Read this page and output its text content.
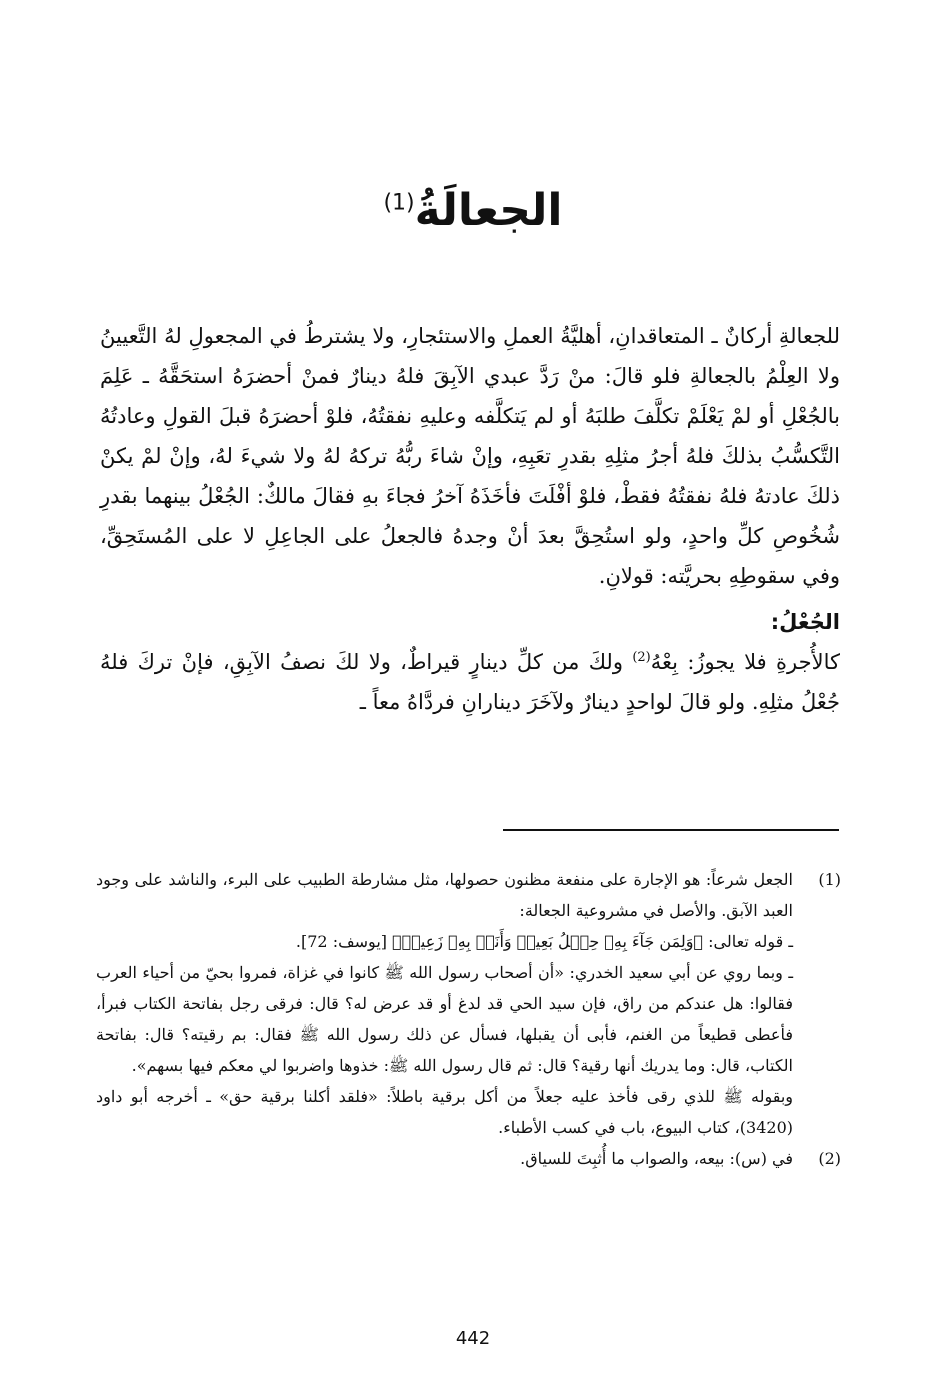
الجعالَةُ$^{(1)}$

للجعالةِ أركانٌ ـ المتعاقدانِ، أهليَّةُ العملِ والاستئجارِ، ولا يشترطُ في المجعولِ لهُ التَّعيينُ ولا العِلْمُ بالجعالةِ فلو قالَ: منْ رَدَّ عبدي الآبِقَ فلهُ دينارٌ فمنْ أحضرَهُ استحَقَّهُ ـ عَلِمَ بالجُعْلِ أو لمْ يَعْلَمْ تكلَّفَ طلبَهُ أو لم يَتكلَّفه وعليهِ نفقتُهُ، فلوْ أحضرَهُ قبلَ القولِ وعادتُهُ التَّكسُّبُ بذلكَ فلهُ أجرُ مثلِهِ بقدرِ تعَبِهِ، وإنْ شاءَ ربُّهُ تركهُ لهُ ولا شيءَ لهُ، وإنْ لمْ يكنْ ذلكَ عادتهُ فلهُ نفقتُهُ فقطْ، فلوْ أفْلَتَ فأخَذَهُ آخرُ فجاءَ بهِ فقالَ مالكٌ: الجُعْلُ بينهما بقدرِ شُخُوصِ كلِّ واحدٍ، ولو استُحِقَّ بعدَ أنْ وجدهُ فالجعلُ على الجاعِلِ لا على المُستَحِقِّ، وفي سقوطِهِ بحريَّته: قولانِ.

الجُعْلُ:

كالأُجرةِ فلا يجوزُ: بِعْهُ$^{(2)}$ ولكَ من كلِّ دينارٍ قيراطٌ، ولا لكَ نصفُ الآبِقِ، فإنْ تركَ فلهُ جُعْلُ مثلِهِ. ولو قالَ لواحدٍ دينارٌ ولآخَرَ دينارانِ فردَّاهُ معاً ـ

(1)

الجعل شرعاً: هو الإجارة على منفعة مظنون حصولها، مثل مشارطة الطبيب على البرء، والناشد على وجود العبد الآبق. والأصل في مشروعية الجعالة:

ـ قوله تعالى: ﴿وَلِمَن جَآءَ بِهِۦ حِمۡلُ بَعِيرٖ وَأَنَا۠ بِهِۦ زَعِيمٞ﴾ [يوسف: 72].

ـ وبما روي عن أبي سعيد الخدري: «أن أصحاب رسول الله ﷺ كانوا في غزاة، فمروا بحيّ من أحياء العرب فقالوا: هل عندكم من راق، فإن سيد الحي قد لدغ أو قد عرض له؟ قال: فرقى رجل بفاتحة الكتاب فبرأ، فأعطى قطيعاً من الغنم، فأبى أن يقبلها، فسأل عن ذلك رسول الله ﷺ فقال: بم رقيته؟ قال: بفاتحة الكتاب، قال: وما يدريك أنها رقية؟ قال: ثم قال رسول الله ﷺ: خذوها واضربوا لي معكم فيها بسهم».

وبقوله ﷺ للذي رقى فأخذ عليه جعلاً من أكل برقية باطلاً: «فلقد أكلنا برقية حق» ـ أخرجه أبو داود (3420)، كتاب البيوع، باب في كسب الأطباء.

(2)

في (س): بيعه، والصواب ما أُثبِتَ للسياق.

442
